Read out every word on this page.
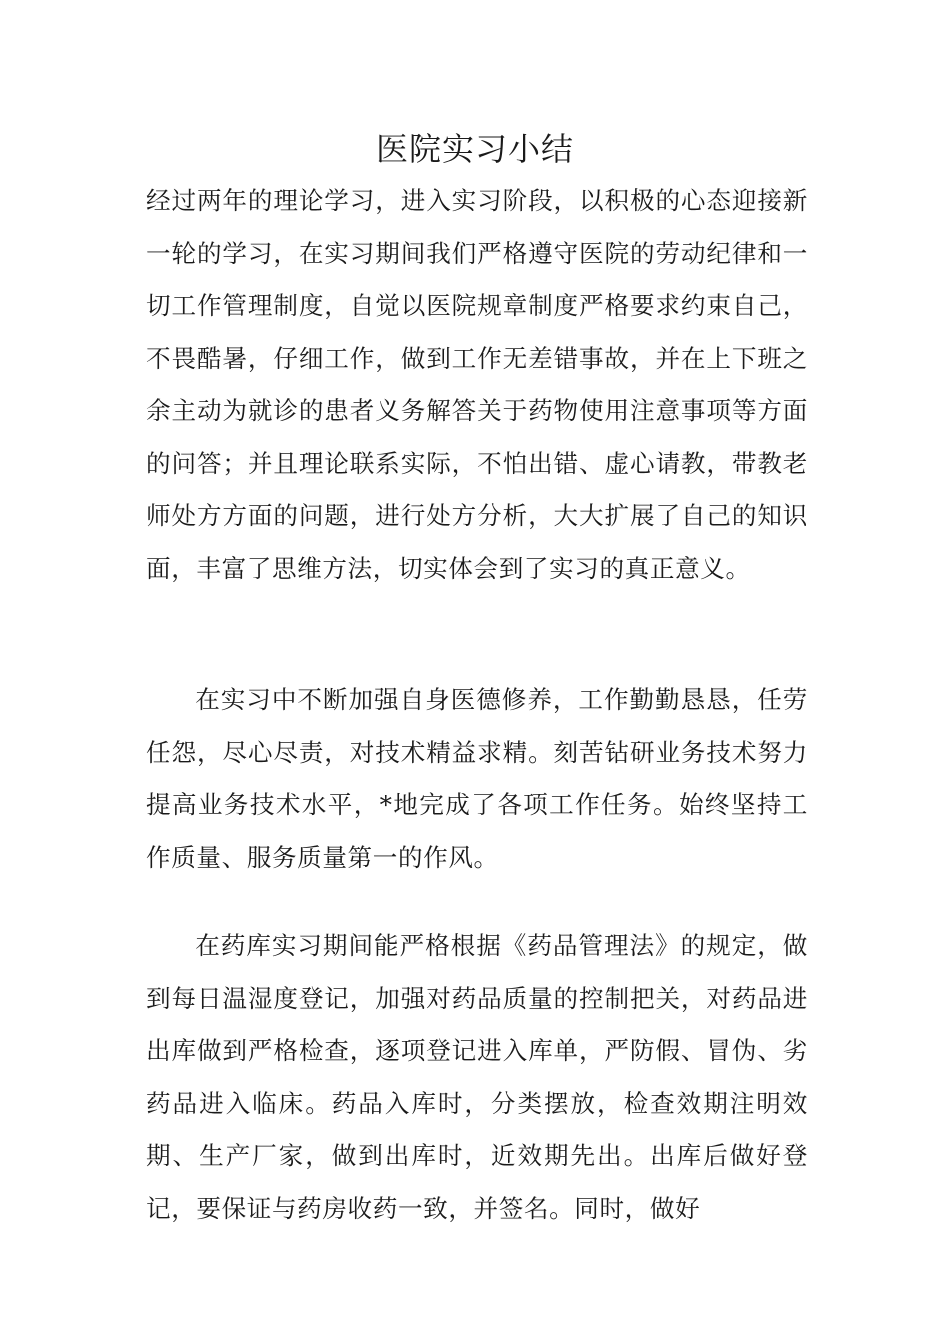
医院实习小结

经过两年的理论学习，进入实习阶段，以积极的心态迎接新一轮的学习，在实习期间我们严格遵守医院的劳动纪律和一切工作管理制度，自觉以医院规章制度严格要求约束自己，不畏酷暑，仔细工作，做到工作无差错事故，并在上下班之余主动为就诊的患者义务解答关于药物使用注意事项等方面的问答；并且理论联系实际，不怕出错、虚心请教，带教老师处方方面的问题，进行处方分析，大大扩展了自己的知识面，丰富了思维方法，切实体会到了实习的真正意义。

在实习中不断加强自身医德修养，工作勤勤恳恳，任劳任怨，尽心尽责，对技术精益求精。刻苦钻研业务技术努力提高业务技术水平，*地完成了各项工作任务。始终坚持工作质量、服务质量第一的作风。

在药库实习期间能严格根据《药品管理法》的规定，做到每日温湿度登记，加强对药品质量的控制把关，对药品进出库做到严格检查，逐项登记进入库单，严防假、冒伪、劣药品进入临床。药品入库时，分类摆放，检查效期注明效期、生产厂家，做到出库时，近效期先出。出库后做好登记，要保证与药房收药一致，并签名。同时，做好
